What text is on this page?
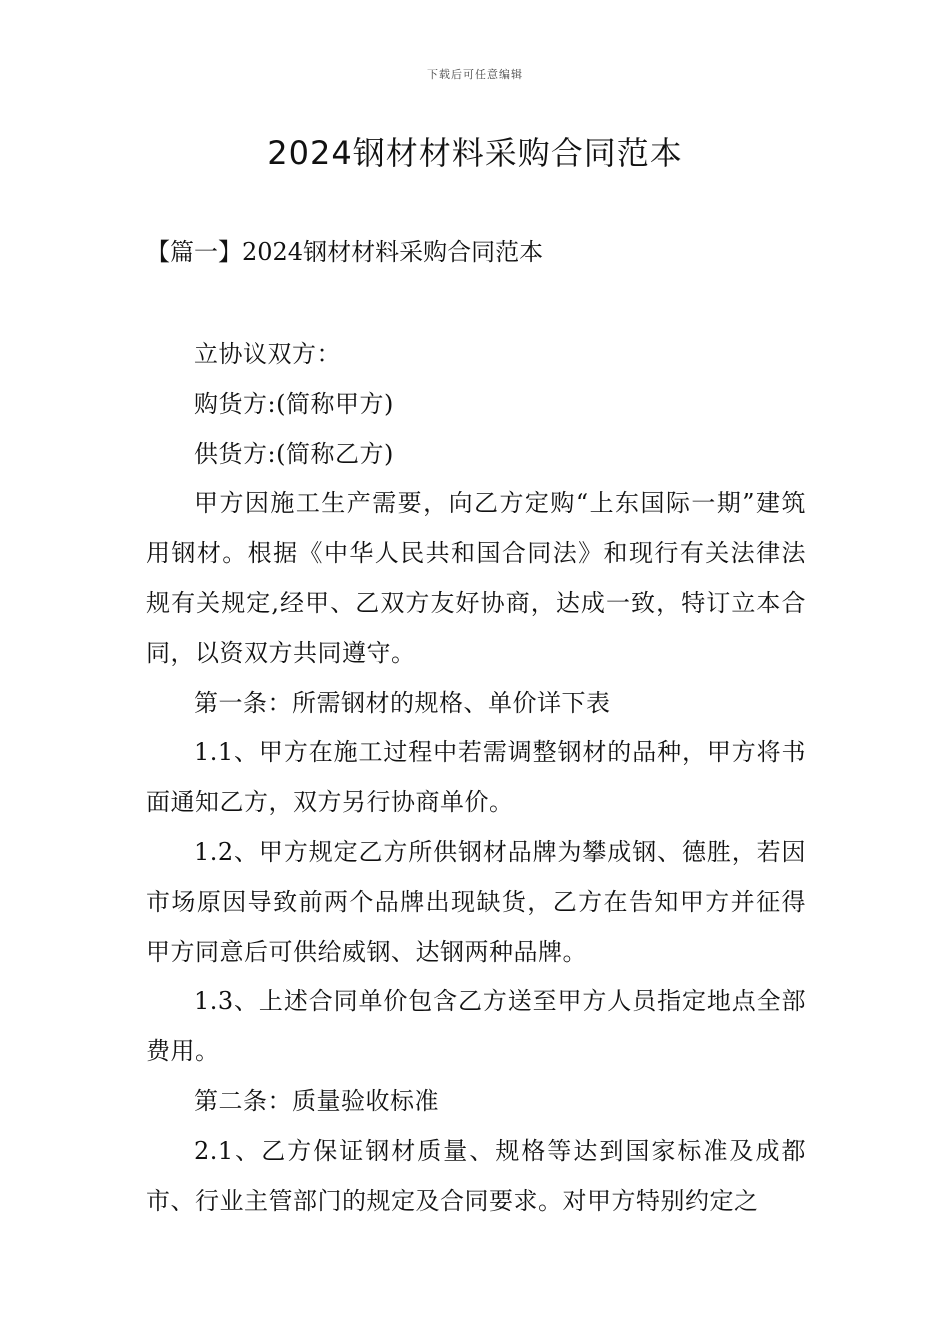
下载后可任意编辑
2024钢材材料采购合同范本
【篇一】2024钢材材料采购合同范本

立协议双方：

购货方:(简称甲方)

供货方:(简称乙方)

甲方因施工生产需要，向乙方定购“上东国际一期”建筑用钢材。根据《中华人民共和国合同法》和现行有关法律法规有关规定,经甲、乙双方友好协商，达成一致，特订立本合同，以资双方共同遵守。

第一条：所需钢材的规格、单价详下表

1.1、甲方在施工过程中若需调整钢材的品种，甲方将书面通知乙方，双方另行协商单价。

1.2、甲方规定乙方所供钢材品牌为攀成钢、德胜，若因市场原因导致前两个品牌出现缺货，乙方在告知甲方并征得甲方同意后可供给威钢、达钢两种品牌。

1.3、上述合同单价包含乙方送至甲方人员指定地点全部费用。

第二条：质量验收标准

2.1、乙方保证钢材质量、规格等达到国家标准及成都市、行业主管部门的规定及合同要求。对甲方特别约定之
